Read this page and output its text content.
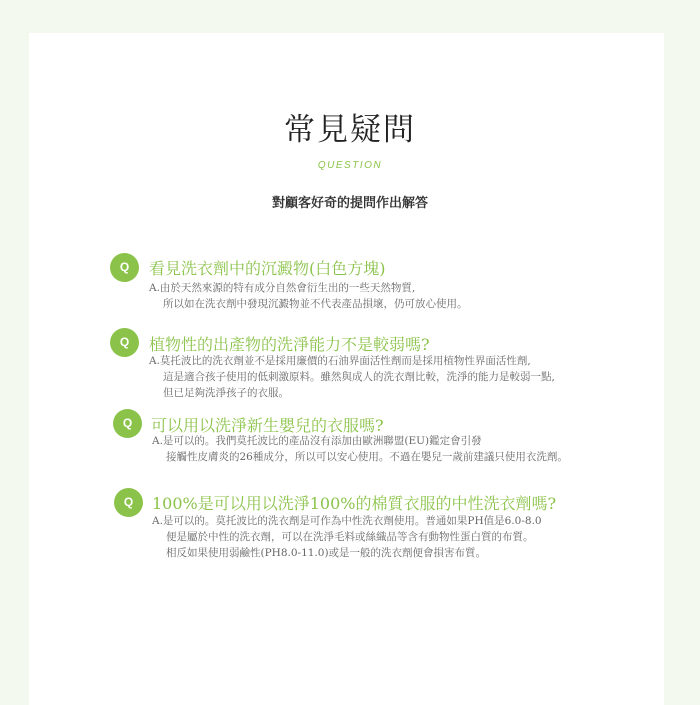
常見疑問
QUESTION
對顧客好奇的提問作出解答
Q	看見洗衣劑中的沉澱物(白色方塊)
A.由於天然來源的特有成分自然會衍生出的一些天然物質,
所以如在洗衣劑中發現沉澱物並不代表產品損壞，仍可放心使用。
Q	植物性的出產物的洗淨能力不是較弱嗎?
A.莫托波比的洗衣劑並不是採用廉價的石油界面活性劑而是採用植物性界面活性劑,
這是適合孩子使用的低刺激原料。雖然與成人的洗衣劑比較，洗淨的能力是較弱一點,
但已足夠洗淨孩子的衣服。
Q	可以用以洗淨新生嬰兒的衣服嗎?
A.是可以的。我們莫托波比的產品沒有添加由歐洲聯盟(EU)鑑定會引發
接觸性皮膚炎的26種成分，所以可以安心使用。不過在嬰兒一歲前建議只使用衣洗劑。
Q	100%是可以用以洗淨100%的棉質衣服的中性洗衣劑嗎?
A.是可以的。莫托波比的洗衣劑是可作為中性洗衣劑使用。普通如果PH值是6.0-8.0
便是屬於中性的洗衣劑，可以在洗淨毛料或絲織品等含有動物性蛋白質的布質。
相反如果使用弱鹼性(PH8.0-11.0)或是一般的洗衣劑便會損害布質。
